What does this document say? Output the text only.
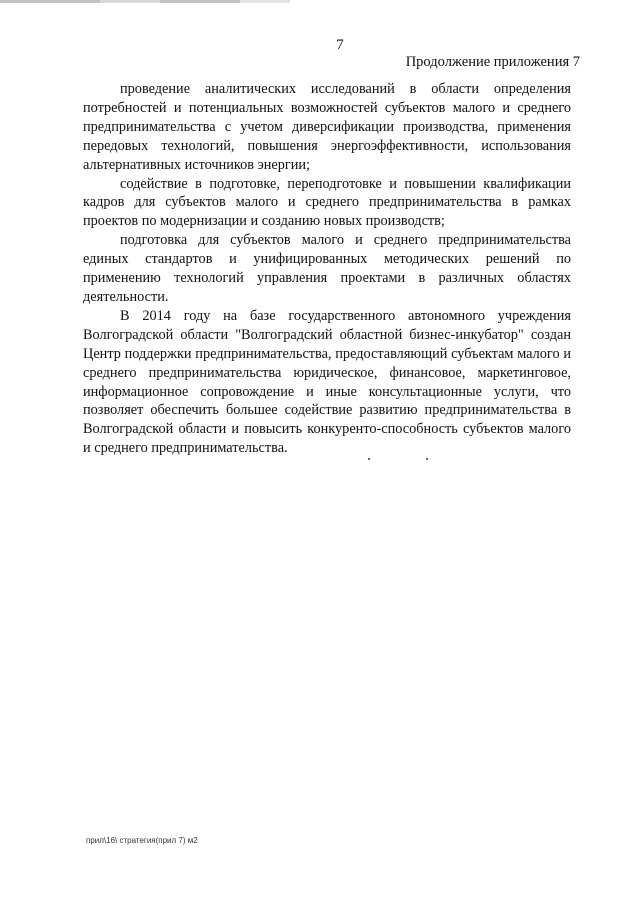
7
Продолжение приложения 7

проведение аналитических исследований в области определения потребностей и потенциальных возможностей субъектов малого и среднего предпринимательства с учетом диверсификации производства, применения передовых технологий, повышения энергоэффективности, использования альтернативных источников энергии;

содействие в подготовке, переподготовке и повышении квалификации кадров для субъектов малого и среднего предпринимательства в рамках проектов по модернизации и созданию новых производств;

подготовка для субъектов малого и среднего предпринимательства единых стандартов и унифицированных методических решений по применению технологий управления проектами в различных областях деятельности.

В 2014 году на базе государственного автономного учреждения Волгоградской области "Волгоградский областной бизнес-инкубатор" создан Центр поддержки предпринимательства, предоставляющий субъектам малого и среднего предпринимательства юридическое, финансовое, маркетинговое, информационное сопровождение и иные консультационные услуги, что позволяет обеспечить большее содействие развитию предпринимательства в Волгоградской области и повысить конкуренто-способность субъектов малого и среднего предпринимательства.

прил\16\ стратегия(прил 7) м2
